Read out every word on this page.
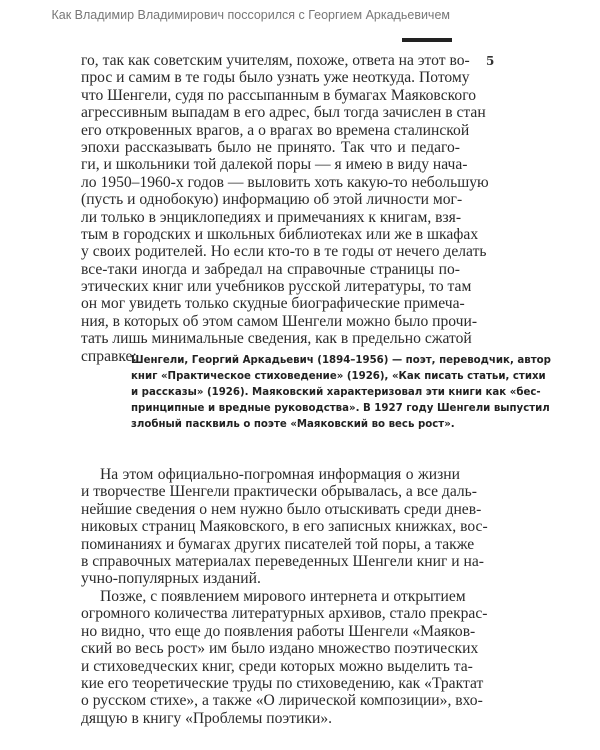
Как Владимир Владимирович поссорился с Георгием Аркадьевичем
5
го, так как советским учителям, похоже, ответа на этот во-
прос и самим в те годы было узнать уже неоткуда. Потому
что Шенгели, судя по рассыпанным в бумагах Маяковского
агрессивным выпадам в его адрес, был тогда зачислен в стан
его откровенных врагов, а о врагах во времена сталинской
эпохи рассказывать было не принято. Так что и педаго-
ги, и школьники той далекой поры — я имею в виду нача-
ло 1950–1960-х годов — выловить хоть какую-то небольшую
(пусть и однобокую) информацию об этой личности мог-
ли только в энциклопедиях и примечаниях к книгам, взя-
тым в городских и школьных библиотеках или же в шкафах
у своих родителей. Но если кто-то в те годы от нечего делать
все-таки иногда и забредал на справочные страницы по-
этических книг или учебников русской литературы, то там
он мог увидеть только скудные биографические примеча-
ния, в которых об этом самом Шенгели можно было прочи-
тать лишь минимальные сведения, как в предельно сжатой
справке:
Шенгели, Георгий Аркадьевич (1894–1956) — поэт, переводчик, автор
книг «Практическое стиховедение» (1926), «Как писать статьи, стихи
и рассказы» (1926). Маяковский характеризовал эти книги как «бес-
принципные и вредные руководства». В 1927 году Шенгели выпустил
злобный пасквиль о поэте «Маяковский во весь рост».
На этом официально-погромная информация о жизни
и творчестве Шенгели практически обрывалась, а все даль-
нейшие сведения о нем нужно было отыскивать среди днев-
никовых страниц Маяковского, в его записных книжках, вос-
поминаниях и бумагах других писателей той поры, а также
в справочных материалах переведенных Шенгели книг и на-
учно-популярных изданий.
Позже, с появлением мирового интернета и открытием
огромного количества литературных архивов, стало прекрас-
но видно, что еще до появления работы Шенгели «Маяков-
ский во весь рост» им было издано множество поэтических
и стиховедческих книг, среди которых можно выделить та-
кие его теоретические труды по стиховедению, как «Трактат
о русском стихе», а также «О лирической композиции», вхо-
дящую в книгу «Проблемы поэтики».
